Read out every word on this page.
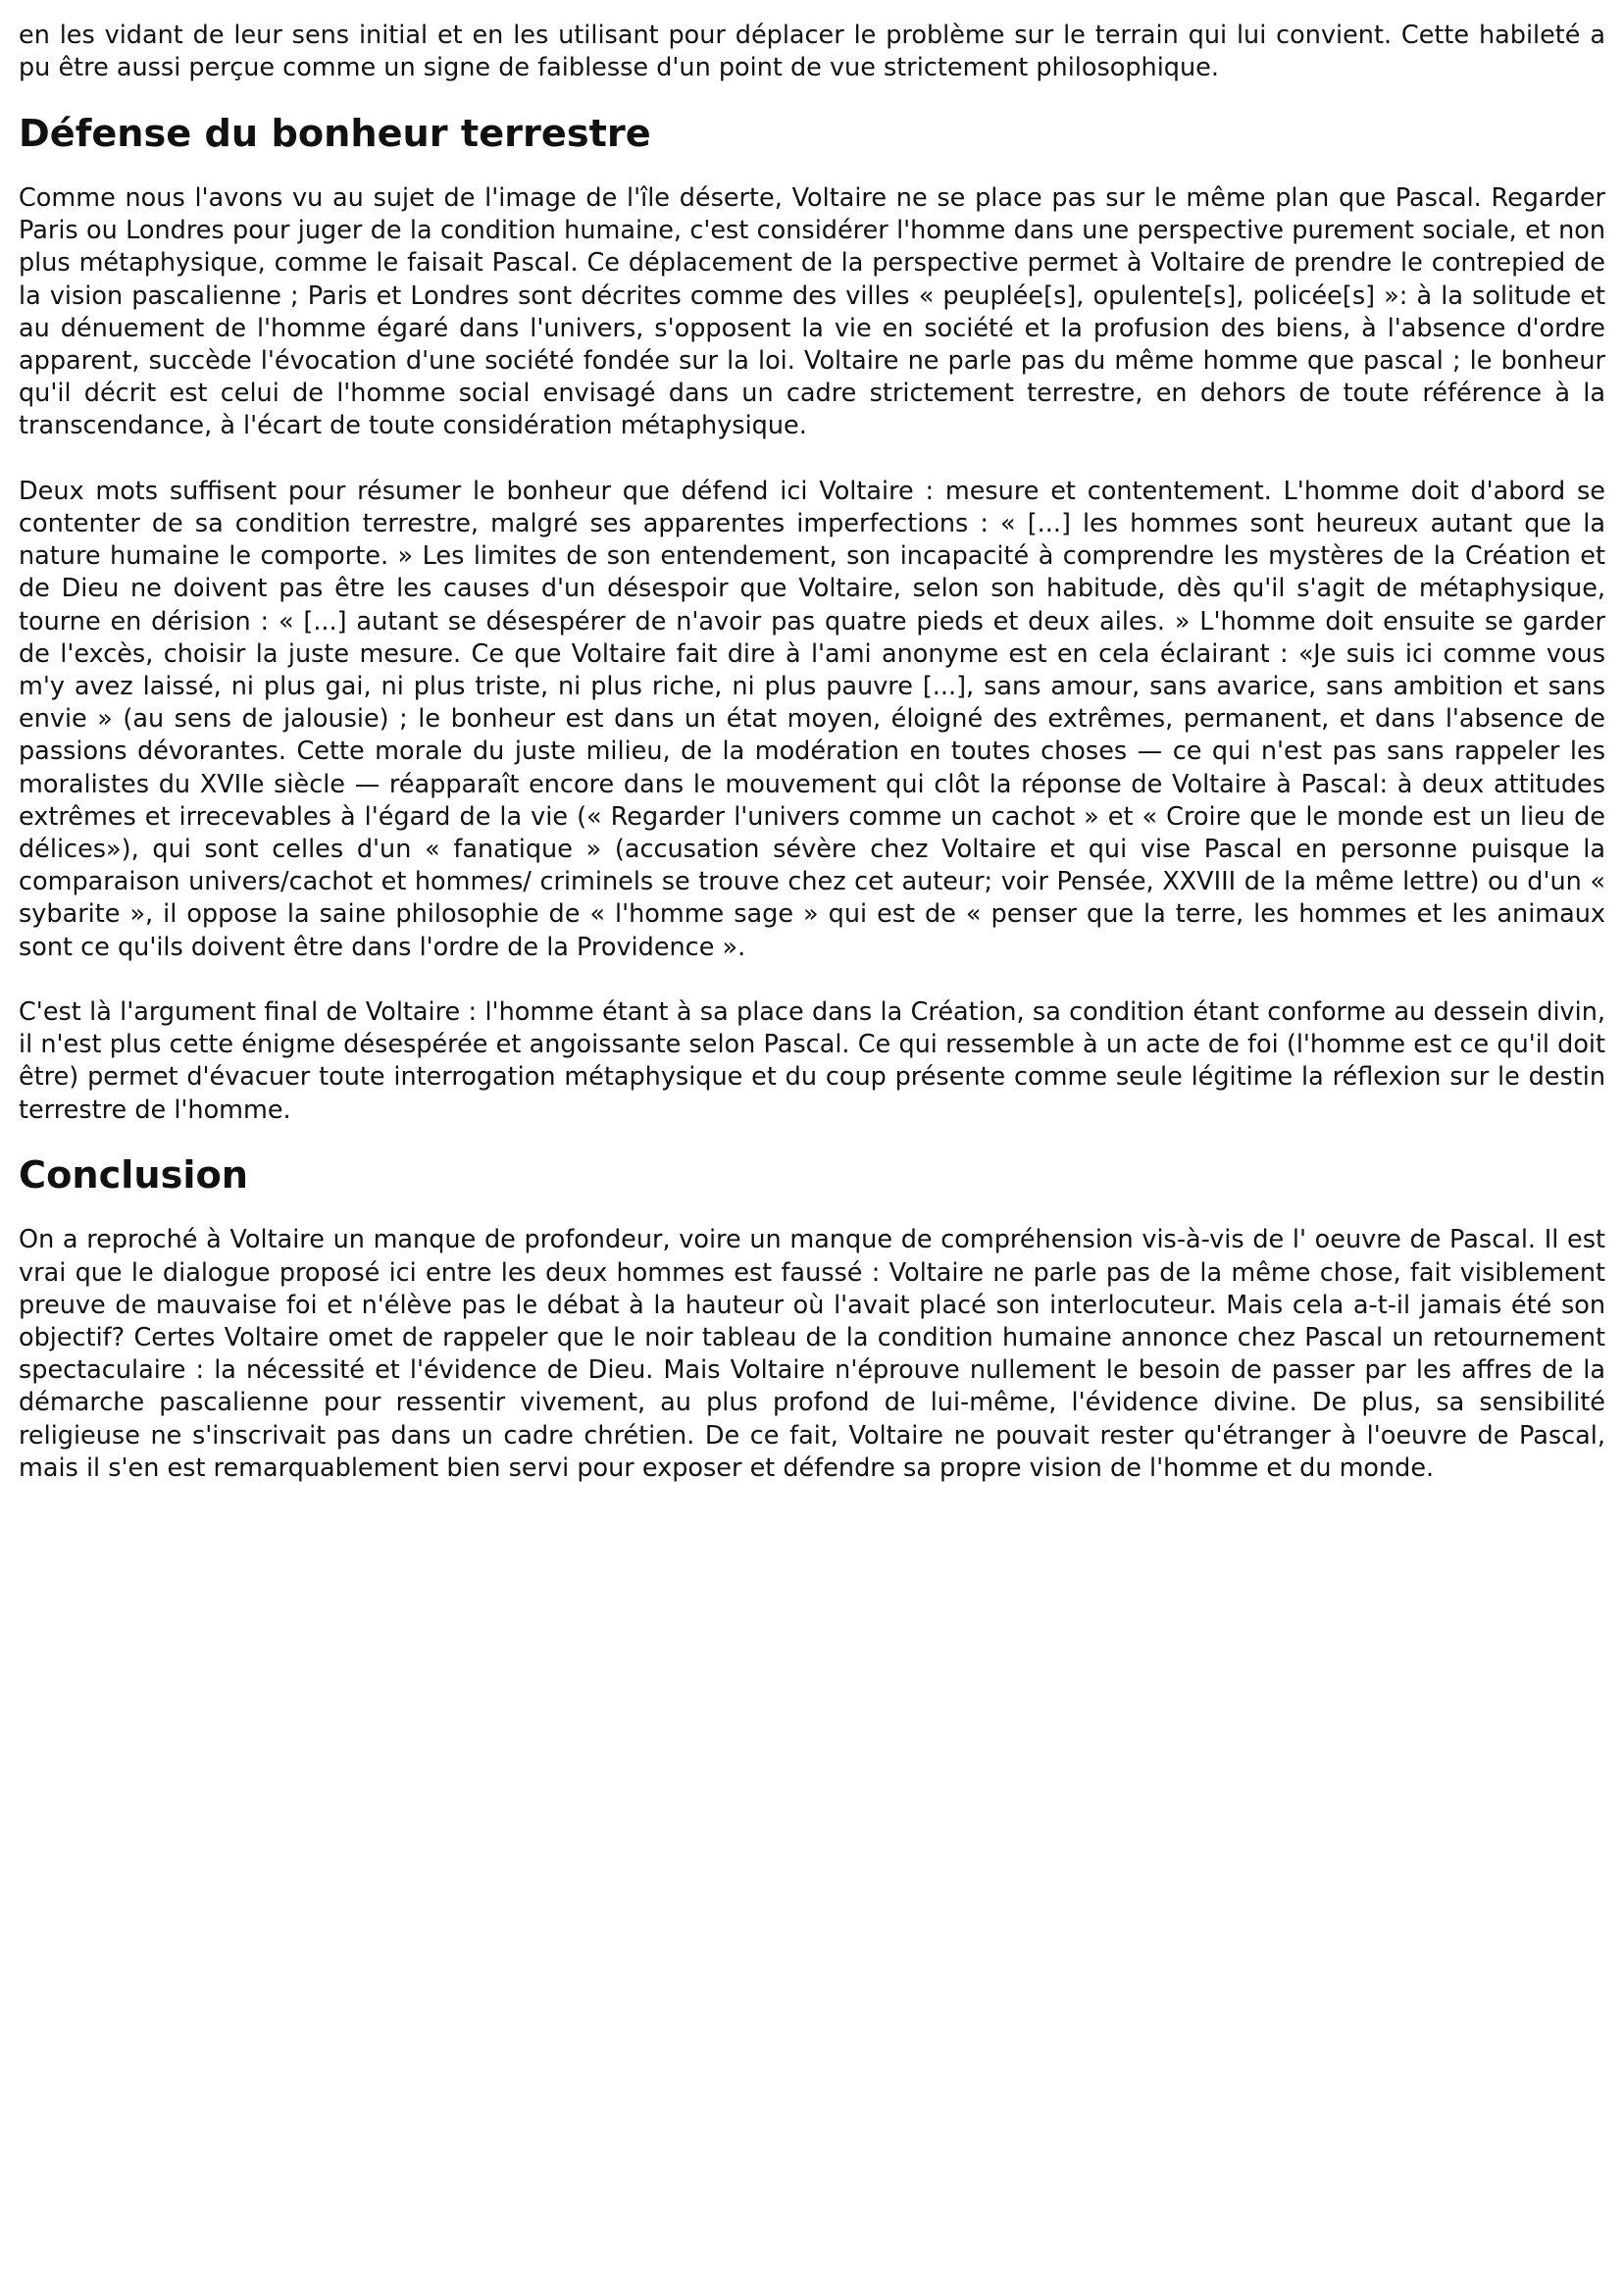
en les vidant de leur sens initial et en les utilisant pour déplacer le problème sur le terrain qui lui convient. Cette habileté a pu être aussi perçue comme un signe de faiblesse d'un point de vue strictement philosophique.

Défense du bonheur terrestre

Comme nous l'avons vu au sujet de l'image de l'île déserte, Voltaire ne se place pas sur le même plan que Pascal. Regarder Paris ou Londres pour juger de la condition humaine, c'est considérer l'homme dans une perspective purement sociale, et non plus métaphysique, comme le faisait Pascal. Ce déplacement de la perspective permet à Voltaire de prendre le contrepied de la vision pascalienne ; Paris et Londres sont décrites comme des villes « peuplée[s], opulente[s], policée[s] »: à la solitude et au dénuement de l'homme égaré dans l'univers, s'opposent la vie en société et la profusion des biens, à l'absence d'ordre apparent, succède l'évocation d'une société fondée sur la loi. Voltaire ne parle pas du même homme que pascal ; le bonheur qu'il décrit est celui de l'homme social envisagé dans un cadre strictement terrestre, en dehors de toute référence à la transcendance, à l'écart de toute considération métaphysique.

Deux mots suffisent pour résumer le bonheur que défend ici Voltaire : mesure et contentement. L'homme doit d'abord se contenter de sa condition terrestre, malgré ses apparentes imperfections : « [...] les hommes sont heureux autant que la nature humaine le comporte. » Les limites de son entendement, son incapacité à comprendre les mystères de la Création et de Dieu ne doivent pas être les causes d'un désespoir que Voltaire, selon son habitude, dès qu'il s'agit de métaphysique, tourne en dérision : « [...] autant se désespérer de n'avoir pas quatre pieds et deux ailes. » L'homme doit ensuite se garder de l'excès, choisir la juste mesure. Ce que Voltaire fait dire à l'ami anonyme est en cela éclairant : «Je suis ici comme vous m'y avez laissé, ni plus gai, ni plus triste, ni plus riche, ni plus pauvre [...], sans amour, sans avarice, sans ambition et sans envie » (au sens de jalousie) ; le bonheur est dans un état moyen, éloigné des extrêmes, permanent, et dans l'absence de passions dévorantes. Cette morale du juste milieu, de la modération en toutes choses — ce qui n'est pas sans rappeler les moralistes du XVIIe siècle — réapparaît encore dans le mouvement qui clôt la réponse de Voltaire à Pascal: à deux attitudes extrêmes et irrecevables à l'égard de la vie (« Regarder l'univers comme un cachot » et « Croire que le monde est un lieu de délices»), qui sont celles d'un « fanatique » (accusation sévère chez Voltaire et qui vise Pascal en personne puisque la comparaison univers/cachot et hommes/ criminels se trouve chez cet auteur; voir Pensée, XXVIII de la même lettre) ou d'un « sybarite », il oppose la saine philosophie de « l'homme sage » qui est de « penser que la terre, les hommes et les animaux sont ce qu'ils doivent être dans l'ordre de la Providence ».

C'est là l'argument final de Voltaire : l'homme étant à sa place dans la Création, sa condition étant conforme au dessein divin, il n'est plus cette énigme désespérée et angoissante selon Pascal. Ce qui ressemble à un acte de foi (l'homme est ce qu'il doit être) permet d'évacuer toute interrogation métaphysique et du coup présente comme seule légitime la réflexion sur le destin terrestre de l'homme.

Conclusion

On a reproché à Voltaire un manque de profondeur, voire un manque de compréhension vis-à-vis de l' oeuvre de Pascal. Il est vrai que le dialogue proposé ici entre les deux hommes est faussé : Voltaire ne parle pas de la même chose, fait visiblement preuve de mauvaise foi et n'élève pas le débat à la hauteur où l'avait placé son interlocuteur. Mais cela a-t-il jamais été son objectif? Certes Voltaire omet de rappeler que le noir tableau de la condition humaine annonce chez Pascal un retournement spectaculaire : la nécessité et l'évidence de Dieu. Mais Voltaire n'éprouve nullement le besoin de passer par les affres de la démarche pascalienne pour ressentir vivement, au plus profond de lui-même, l'évidence divine. De plus, sa sensibilité religieuse ne s'inscrivait pas dans un cadre chrétien. De ce fait, Voltaire ne pouvait rester qu'étranger à l'oeuvre de Pascal, mais il s'en est remarquablement bien servi pour exposer et défendre sa propre vision de l'homme et du monde.
